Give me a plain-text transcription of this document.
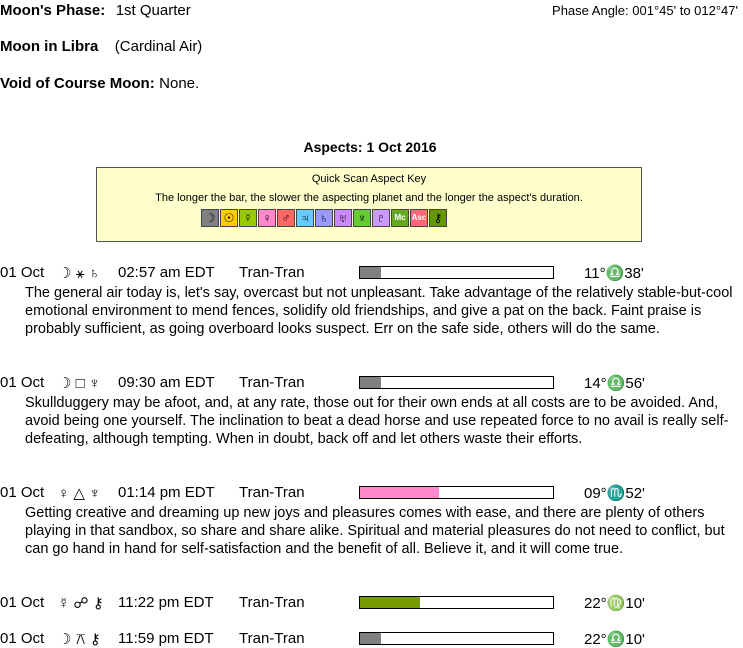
Moon's Phase: 1st Quarter	Phase Angle: 001°45' to 012°47'
Moon in Libra (Cardinal Air)
Void of Course Moon: None.
Aspects: 1 Oct 2016
Quick Scan Aspect Key
The longer the bar, the slower the aspecting planet and the longer the aspect's duration.
☽ ☉ ☿ ♀ ♂ ♃ ♄ ♅ ♆ ♇	Mc Asc ⚷
01 Oct ☽ ⚹ ♄ 02:57 am EDT Tran-Tran	11°♎38'
The general air today is, let's say, overcast but not unpleasant. Take advantage of the relatively stable-but-cool emotional environment to mend fences, solidify old friendships, and give a pat on the back. Faint praise is probably sufficient, as going overboard looks suspect. Err on the safe side, others will do the same.
01 Oct ☽ □ ♆ 09:30 am EDT Tran-Tran	14°♎56'
Skullduggery may be afoot, and, at any rate, those out for their own ends at all costs are to be avoided. And, avoid being one yourself. The inclination to beat a dead horse and use repeated force to no avail is really self-defeating, although tempting. When in doubt, back off and let others waste their efforts.
01 Oct ♀ △ ♆ 01:14 pm EDT Tran-Tran	09°♏52'
Getting creative and dreaming up new joys and pleasures comes with ease, and there are plenty of others playing in that sandbox, so share and share alike. Spiritual and material pleasures do not need to conflict, but can go hand in hand for self-satisfaction and the benefit of all. Believe it, and it will come true.
01 Oct ☿ ☍ ⚷ 11:22 pm EDT Tran-Tran	22°♍10'
01 Oct ☽ ⚻ ⚷ 11:59 pm EDT Tran-Tran	22°♎10'
